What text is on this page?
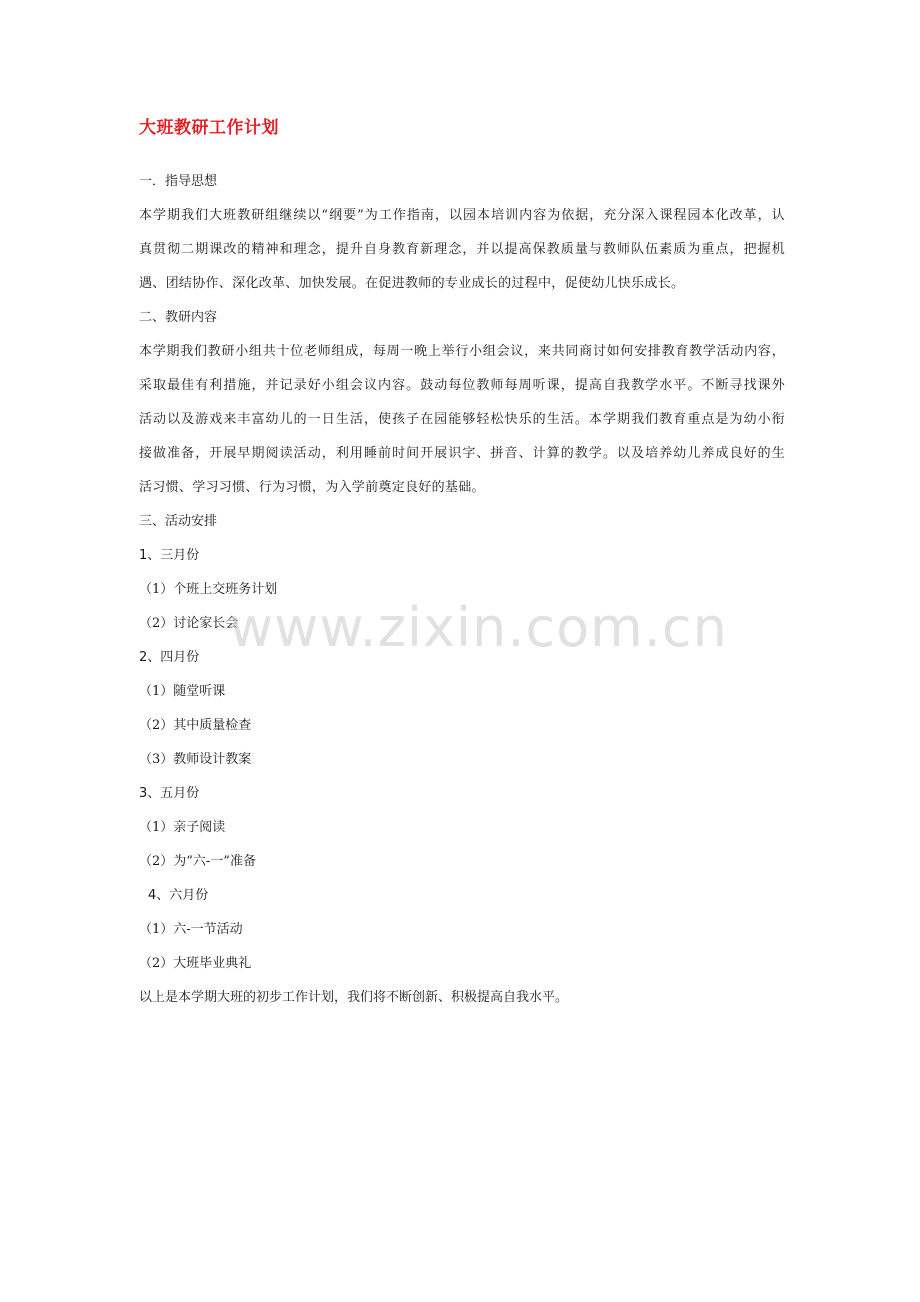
大班教研工作计划
一．指导思想
本学期我们大班教研组继续以“纲要”为工作指南，以园本培训内容为依据，充分深入课程园本化改革，认
真贯彻二期课改的精神和理念，提升自身教育新理念，并以提高保教质量与教师队伍素质为重点，把握机
遇、团结协作、深化改革、加快发展。在促进教师的专业成长的过程中，促使幼儿快乐成长。
二、教研内容
本学期我们教研小组共十位老师组成，每周一晚上举行小组会议，来共同商讨如何安排教育教学活动内容，
采取最佳有利措施，并记录好小组会议内容。鼓动每位教师每周听课，提高自我教学水平。不断寻找课外
活动以及游戏来丰富幼儿的一日生活，使孩子在园能够轻松快乐的生活。本学期我们教育重点是为幼小衔
接做准备，开展早期阅读活动，利用睡前时间开展识字、拼音、计算的教学。以及培养幼儿养成良好的生
活习惯、学习习惯、行为习惯，为入学前奠定良好的基础。
三、活动安排
1、三月份
（1）个班上交班务计划
（2）讨论家长会
2、四月份
（1）随堂听课
（2）其中质量检查
（3）教师设计教案
3、五月份
（1）亲子阅读
（2）为“六-一”准备
4、六月份
（1）六-一节活动
（2）大班毕业典礼
以上是本学期大班的初步工作计划，我们将不断创新、积极提高自我水平。
www.zixin.com.cn
